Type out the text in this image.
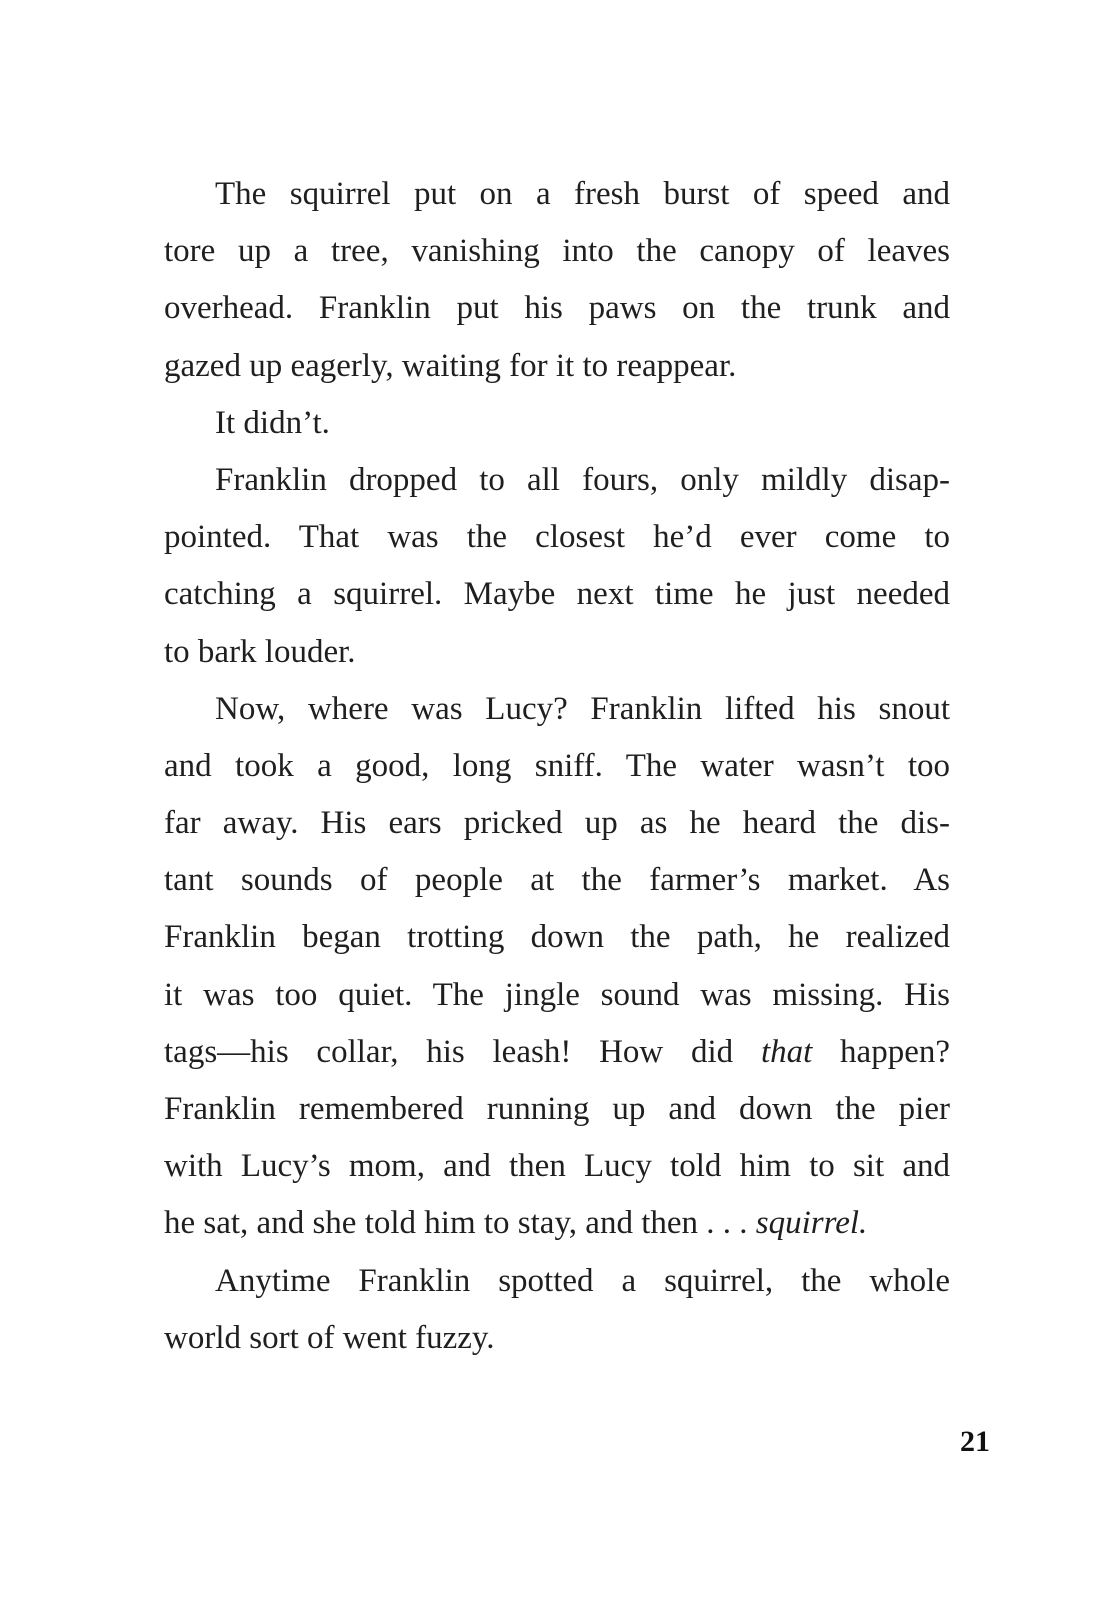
The squirrel put on a fresh burst of speed and
tore up a tree, vanishing into the canopy of leaves
overhead. Franklin put his paws on the trunk and
gazed up eagerly, waiting for it to reappear.
It didn’t.
Franklin dropped to all fours, only mildly disap-
pointed. That was the closest he’d ever come to
catching a squirrel. Maybe next time he just needed
to bark louder.
Now, where was Lucy? Franklin lifted his snout
and took a good, long sniff. The water wasn’t too
far away. His ears pricked up as he heard the dis-
tant sounds of people at the farmer’s market. As
Franklin began trotting down the path, he realized
it was too quiet. The jingle sound was missing. His
tags—his collar, his leash! How did that happen?
Franklin remembered running up and down the pier
with Lucy’s mom, and then Lucy told him to sit and
he sat, and she told him to stay, and then . . . squirrel.
Anytime Franklin spotted a squirrel, the whole
world sort of went fuzzy.
21
